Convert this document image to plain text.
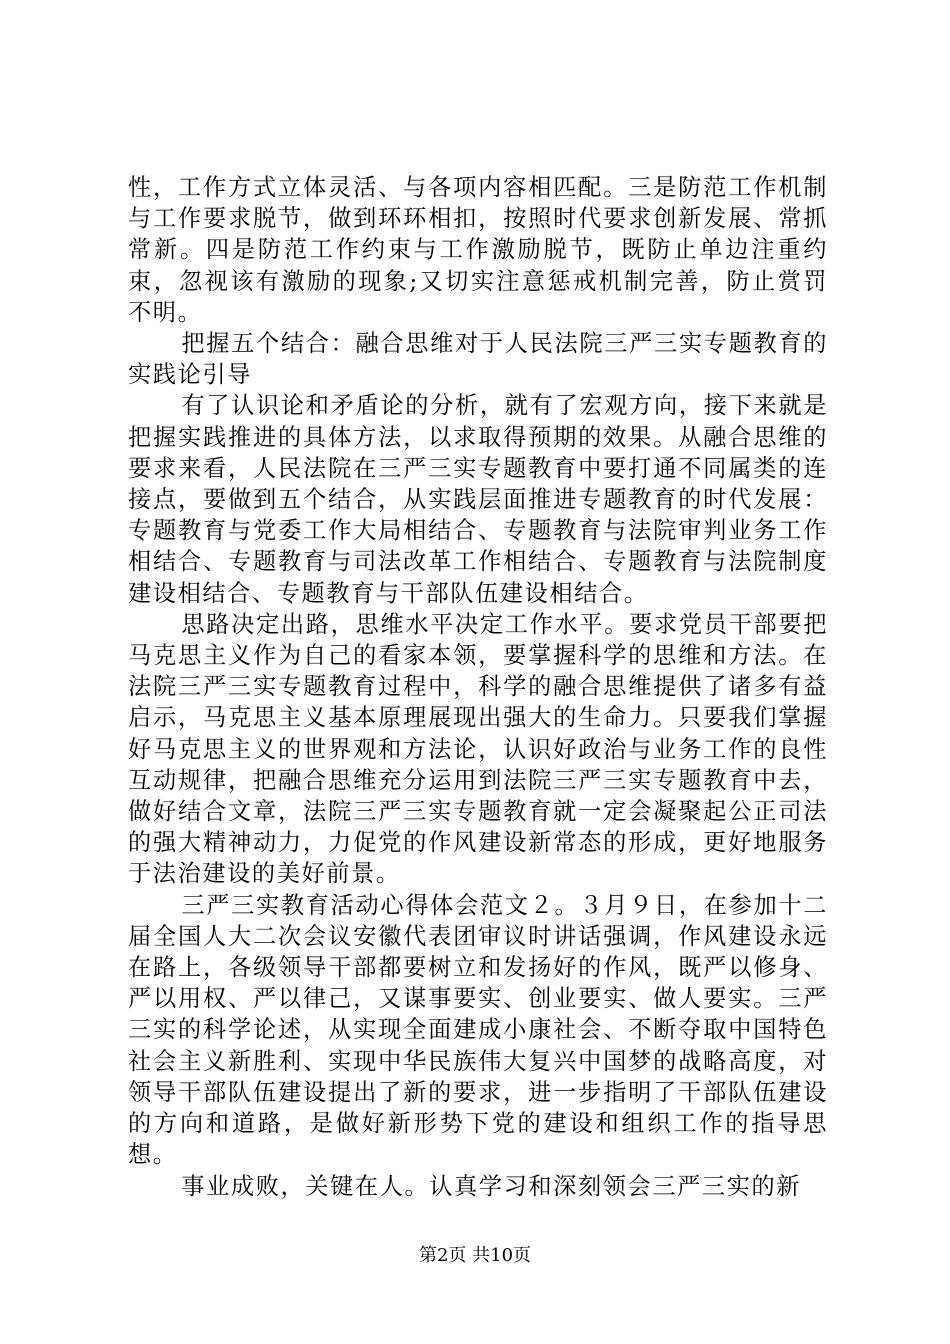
性，工作方式立体灵活、与各项内容相匹配。三是防范工作机制与工作要求脱节，做到环环相扣，按照时代要求创新发展、常抓常新。四是防范工作约束与工作激励脱节，既防止单边注重约束，忽视该有激励的现象;又切实注意惩戒机制完善，防止赏罚不明。

把握五个结合：融合思维对于人民法院三严三实专题教育的实践论引导

有了认识论和矛盾论的分析，就有了宏观方向，接下来就是把握实践推进的具体方法，以求取得预期的效果。从融合思维的要求来看，人民法院在三严三实专题教育中要打通不同属类的连接点，要做到五个结合，从实践层面推进专题教育的时代发展：专题教育与党委工作大局相结合、专题教育与法院审判业务工作相结合、专题教育与司法改革工作相结合、专题教育与法院制度建设相结合、专题教育与干部队伍建设相结合。

思路决定出路，思维水平决定工作水平。要求党员干部要把马克思主义作为自己的看家本领，要掌握科学的思维和方法。在法院三严三实专题教育过程中，科学的融合思维提供了诸多有益启示，马克思主义基本原理展现出强大的生命力。只要我们掌握好马克思主义的世界观和方法论，认识好政治与业务工作的良性互动规律，把融合思维充分运用到法院三严三实专题教育中去，做好结合文章，法院三严三实专题教育就一定会凝聚起公正司法的强大精神动力，力促党的作风建设新常态的形成，更好地服务于法治建设的美好前景。

三严三实教育活动心得体会范文２。３月９日，在参加十二届全国人大二次会议安徽代表团审议时讲话强调，作风建设永远在路上，各级领导干部都要树立和发扬好的作风，既严以修身、严以用权、严以律己，又谋事要实、创业要实、做人要实。三严三实的科学论述，从实现全面建成小康社会、不断夺取中国特色社会主义新胜利、实现中华民族伟大复兴中国梦的战略高度，对领导干部队伍建设提出了新的要求，进一步指明了干部队伍建设的方向和道路，是做好新形势下党的建设和组织工作的指导思想。

事业成败，关键在人。认真学习和深刻领会三严三实的新

第2页 共10页
